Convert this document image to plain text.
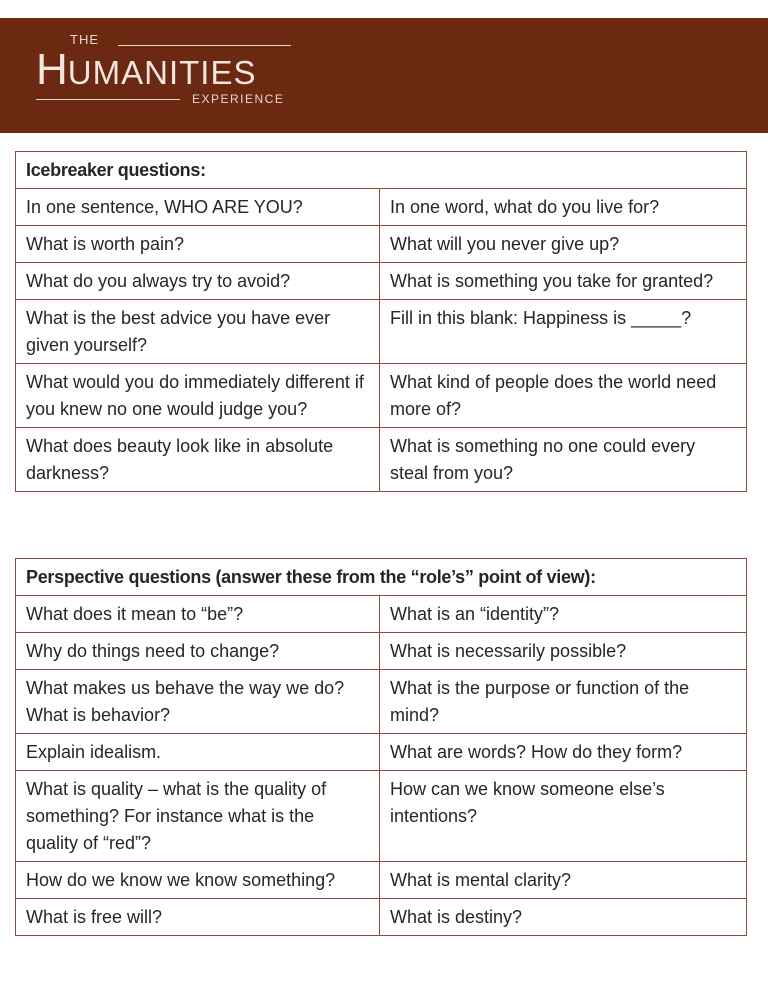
THE
HUMANITIES
EXPERIENCE
Icebreaker questions:	
In one sentence, WHO ARE YOU?	In one word, what do you live for?
What is worth pain?	What will you never give up?
What do you always try to avoid?	What is something you take for granted?
What is the best advice you have ever given yourself?	Fill in this blank: Happiness is _____?
What would you do immediately different if you knew no one would judge you?	What kind of people does the world need more of?
What does beauty look like in absolute darkness?	What is something no one could every steal from you?
Perspective questions (answer these from the “role’s” point of view):	
What does it mean to “be”?	What is an “identity”?
Why do things need to change?	What is necessarily possible?
What makes us behave the way we do? What is behavior?	What is the purpose or function of the mind?
Explain idealism.	What are words? How do they form?
What is quality – what is the quality of something? For instance what is the quality of “red”?	How can we know someone else’s intentions?
How do we know we know something?	What is mental clarity?
What is free will?	What is destiny?
